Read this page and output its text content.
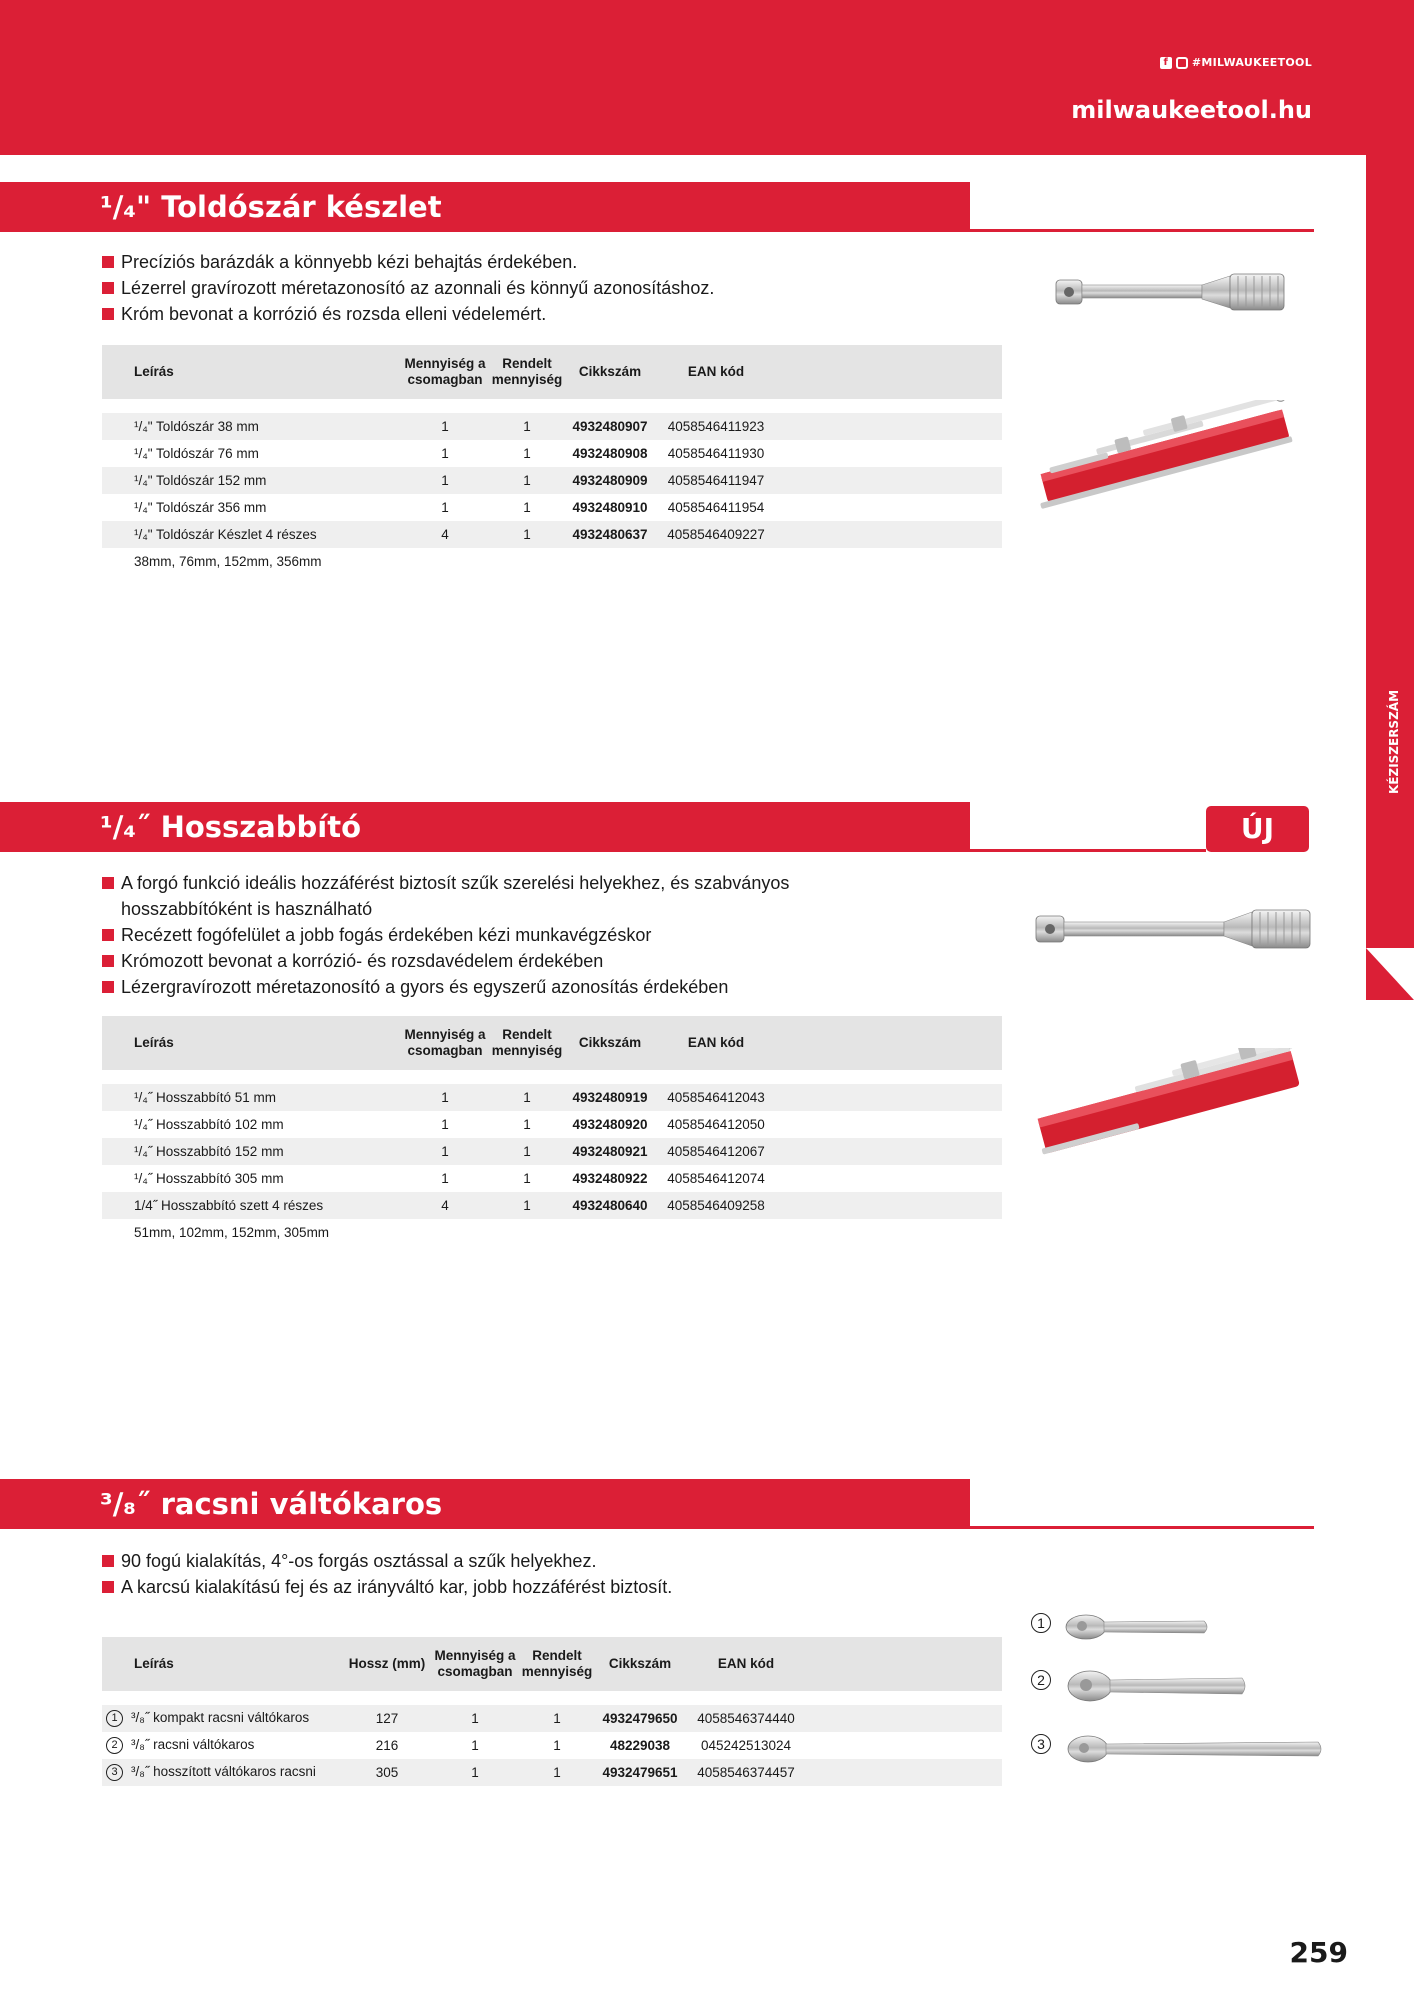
f	#MILWAUKEETOOL
milwaukeetool.hu
KÉZISZERSZÁM
¹/₄" Toldószár készlet
Precíziós barázdák a könnyebb kézi behajtás érdekében.
Lézerrel gravírozott méretazonosító az azonnali és könnyű azonosításhoz.
Króm bevonat a korrózió és rozsda elleni védelemért.
Leírás	Mennyiség a csomagban	Rendelt mennyiség	Cikkszám	EAN kód	

¹/₄" Toldószár 38 mm	1	1	4932480907	4058546411923	
¹/₄" Toldószár 76 mm	1	1	4932480908	4058546411930	
¹/₄" Toldószár 152 mm	1	1	4932480909	4058546411947	
¹/₄" Toldószár 356 mm	1	1	4932480910	4058546411954	
¹/₄" Toldószár Készlet 4 részes	4	1	4932480637	4058546409227	
38mm, 76mm, 152mm, 356mm					
¹/₄˝ Hosszabbító	ÚJ
A forgó funkció ideális hozzáférést biztosít szűk szerelési helyekhez, és szabványos hosszabbítóként is használható
Recézett fogófelület a jobb fogás érdekében kézi munkavégzéskor
Krómozott bevonat a korrózió- és rozsdavédelem érdekében
Lézergravírozott méretazonosító a gyors és egyszerű azonosítás érdekében
Leírás	Mennyiség a csomagban	Rendelt mennyiség	Cikkszám	EAN kód	

¹/₄˝ Hosszabbító 51 mm	1	1	4932480919	4058546412043	
¹/₄˝ Hosszabbító 102 mm	1	1	4932480920	4058546412050	
¹/₄˝ Hosszabbító 152 mm	1	1	4932480921	4058546412067	
¹/₄˝ Hosszabbító 305 mm	1	1	4932480922	4058546412074	
1/4˝ Hosszabbító szett 4 részes	4	1	4932480640	4058546409258	
51mm, 102mm, 152mm, 305mm					
³/₈˝ racsni váltókaros
90 fogú kialakítás, 4°-os forgás osztással a szűk helyekhez.
A karcsú kialakítású fej és az irányváltó kar, jobb hozzáférést biztosít.
Leírás	Hossz (mm)	Mennyiség a csomagban	Rendelt mennyiség	Cikkszám	EAN kód	

1 ³/₈˝ kompakt racsni váltókaros	127	1	1	4932479650	4058546374440	
2 ³/₈˝ racsni váltókaros	216	1	1	48229038	045242513024	
3 ³/₈˝ hosszított váltókaros racsni	305	1	1	4932479651	4058546374457	
1
2
3
259
